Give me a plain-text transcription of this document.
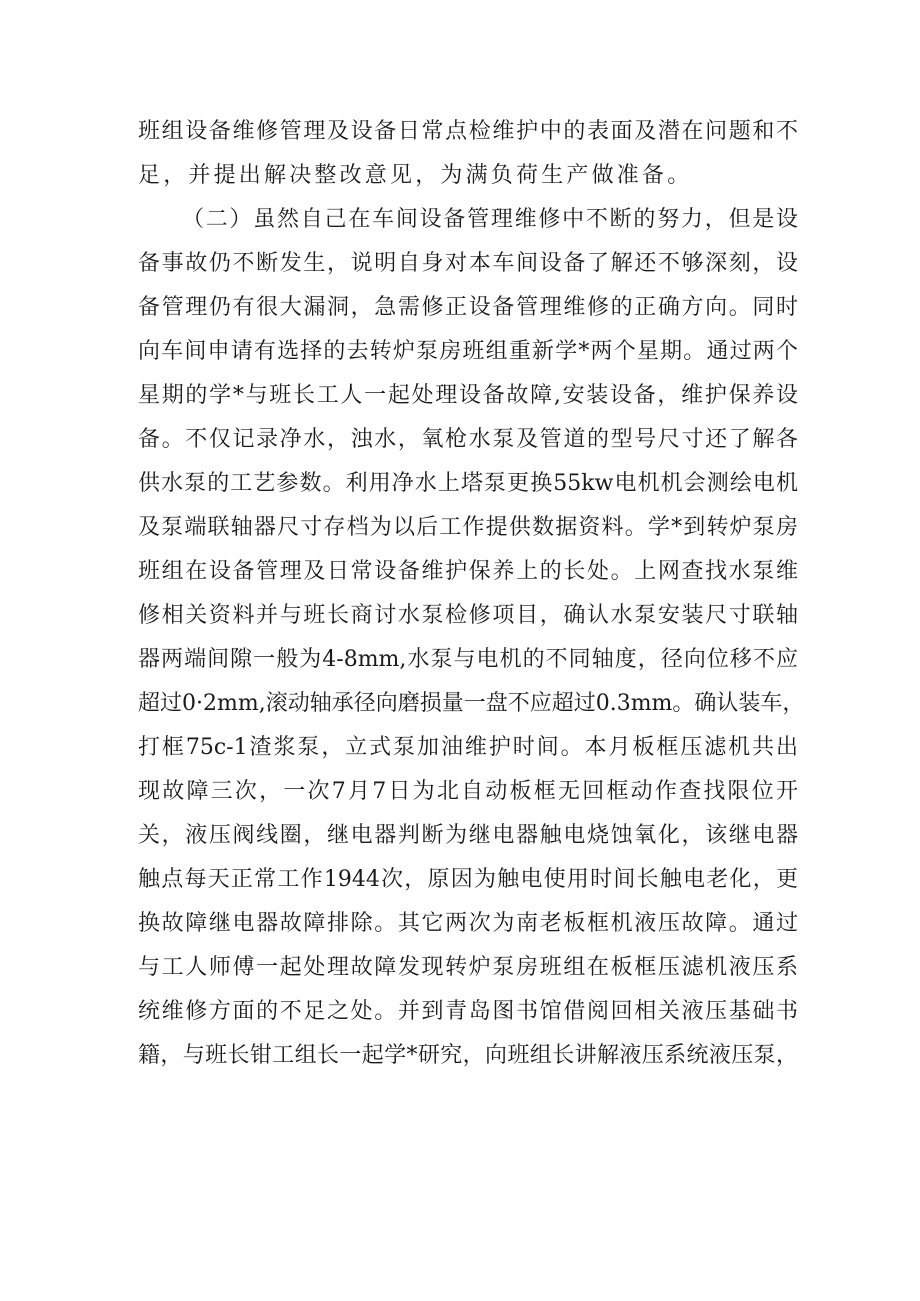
班组设备维修管理及设备日常点检维护中的表面及潜在问题和不
足，并提出解决整改意见，为满负荷生产做准备。
（二）虽然自己在车间设备管理维修中不断的努力，但是设
备事故仍不断发生，说明自身对本车间设备了解还不够深刻，设
备管理仍有很大漏洞，急需修正设备管理维修的正确方向。同时
向车间申请有选择的去转炉泵房班组重新学*两个星期。通过两个
星期的学*与班长工人一起处理设备故障,安装设备，维护保养设
备。不仅记录净水，浊水，氧枪水泵及管道的型号尺寸还了解各
供水泵的工艺参数。利用净水上塔泵更换55kw电机机会测绘电机
及泵端联轴器尺寸存档为以后工作提供数据资料。学*到转炉泵房
班组在设备管理及日常设备维护保养上的长处。上网查找水泵维
修相关资料并与班长商讨水泵检修项目，确认水泵安装尺寸联轴
器两端间隙一般为4-8mm,水泵与电机的不同轴度，径向位移不应
超过0·2mm,滚动轴承径向磨损量一盘不应超过0.3mm。确认装车，
打框75c-1渣浆泵，立式泵加油维护时间。本月板框压滤机共出
现故障三次，一次7月7日为北自动板框无回框动作查找限位开
关，液压阀线圈，继电器判断为继电器触电烧蚀氧化，该继电器
触点每天正常工作1944次，原因为触电使用时间长触电老化，更
换故障继电器故障排除。其它两次为南老板框机液压故障。通过
与工人师傅一起处理故障发现转炉泵房班组在板框压滤机液压系
统维修方面的不足之处。并到青岛图书馆借阅回相关液压基础书
籍，与班长钳工组长一起学*研究，向班组长讲解液压系统液压泵，
